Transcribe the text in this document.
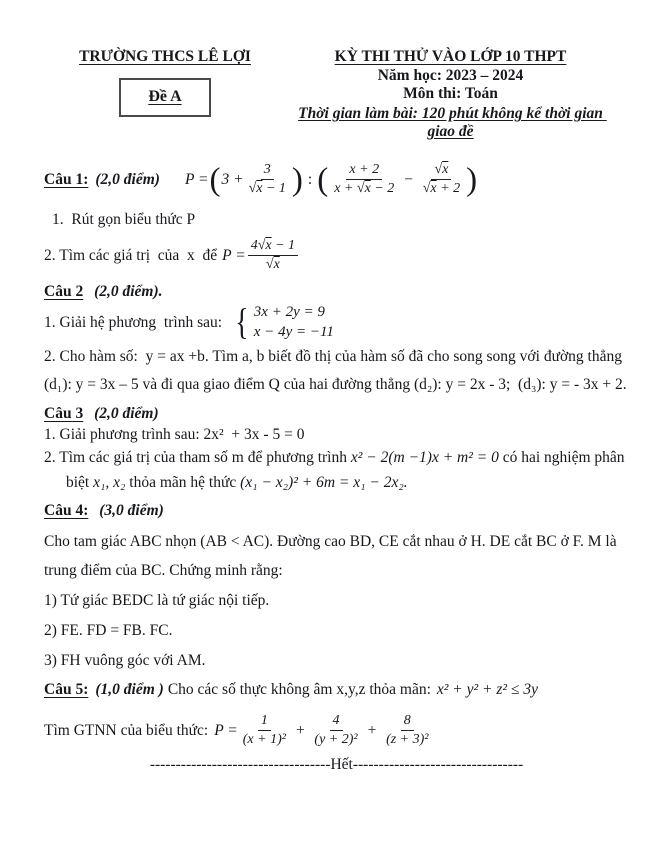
TRƯỜNG THCS LÊ LỢI
Đề A
KỲ THI THỬ VÀO LỚP 10 THPT
Năm học: 2023 – 2024
Môn thi: Toán
Thời gian làm bài: 120 phút không kể thời gian giao đề

Câu 1: (2,0 điểm) P = ( $3 + \frac{3}{√x - 1}$ ) : ( $\frac{x + 2}{x + √x - 2} - \frac{√x}{√x + 2}$ )

1.  Rút gọn biểu thức P

2. Tìm các giá trị  của  x  để $P = \frac{4√x - 1}{√x}$

Câu 2 (2,0 điểm).

1. Giải hệ phương  trình sau: { 3x + 2y = 9
x − 4y = −11

2. Cho hàm số:  y = ax +b. Tìm a, b biết đồ thị của hàm số đã cho song song với đường thẳng

(d₁): y = 3x – 5 và đi qua giao điểm Q của hai đường thẳng (d₂): y = 2x - 3;  (d₃): y = - 3x + 2.

Câu 3 (2,0 điểm)

1. Giải phương trình sau: 2x²  + 3x - 5 = 0

2. Tìm các giá trị của tham số m để phương trình x² − 2(m −1)x + m² = 0 có hai nghiệm phân

biệt x₁, x₂ thỏa mãn hệ thức (x₁ − x₂)² + 6m = x₁ − 2x₂.

Câu 4: (3,0 điểm)

Cho tam giác ABC nhọn (AB < AC). Đường cao BD, CE cắt nhau ở H. DE cắt BC ở F. M là

trung điểm của BC. Chứng minh rằng:

1) Tứ giác BEDC là tứ giác nội tiếp.

2) FE. FD = FB. FC.

3) FH vuông góc với AM.

Câu 5: (1,0 điểm ) Cho các số thực không âm x,y,z thỏa mãn: x² + y² + z² ≤ 3y

Tìm GTNN của biểu thức: $P = \frac{1}{\text{(x + 1)²}} + \frac{4}{\text{(y + 2)²}} + \frac{8}{\text{(z + 3)²}}$

-----------------------------------Hết---------------------------------
